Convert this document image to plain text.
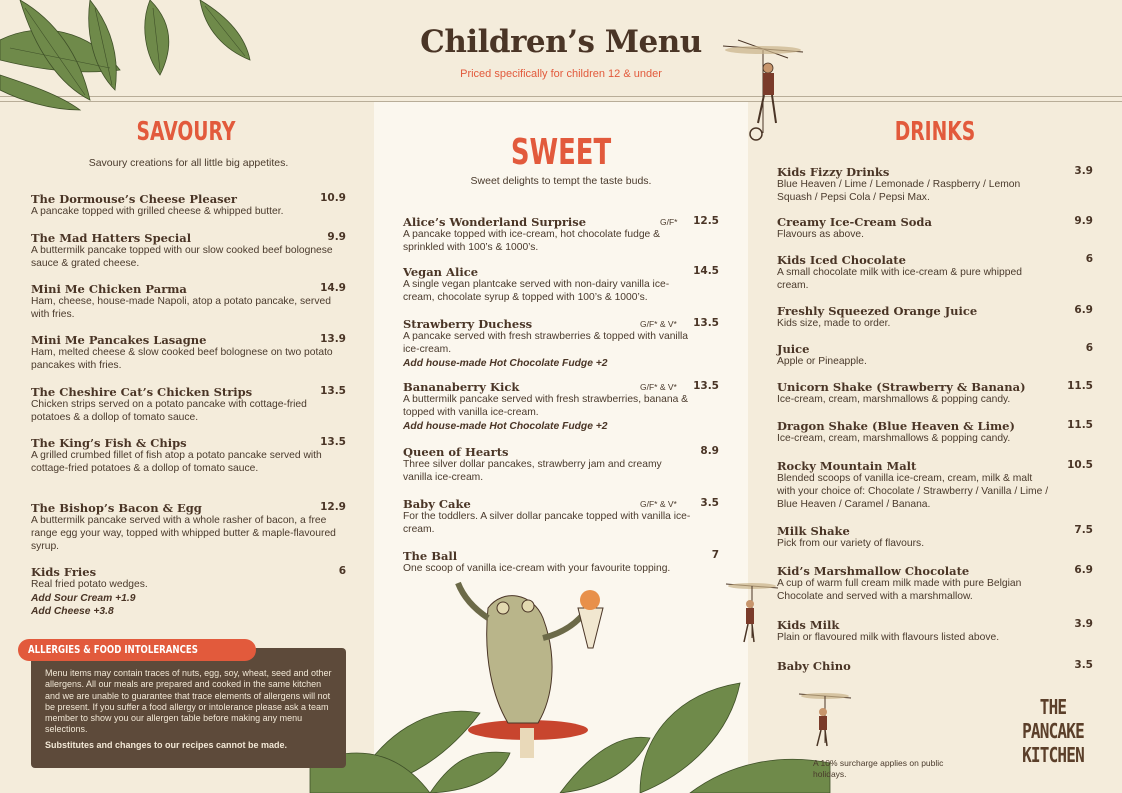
Children’s Menu
Priced specifically for children 12 & under
SAVOURY
Savoury creations for all little big appetites.
The Dormouse’s Cheese Pleaser	10.9
A pancake topped with grilled cheese & whipped butter.
The Mad Hatters Special	9.9
A buttermilk pancake topped with our slow cooked beef bolognese sauce & grated cheese.
Mini Me Chicken Parma	14.9
Ham, cheese, house-made Napoli, atop a potato pancake, served with fries.
Mini Me Pancakes Lasagne	13.9
Ham, melted cheese & slow cooked beef bolognese on two potato pancakes with fries.
The Cheshire Cat’s Chicken Strips	13.5
Chicken strips served on a potato pancake with cottage-fried potatoes & a dollop of tomato sauce.
The King’s Fish & Chips	13.5
A grilled crumbed fillet of fish atop a potato pancake served with cottage-fried potatoes & a dollop of tomato sauce.
The Bishop’s Bacon & Egg	12.9
A buttermilk pancake served with a whole rasher of bacon, a free range egg your way, topped with whipped butter & maple-flavoured syrup.
Kids Fries	6
Real fried potato wedges.
Add Sour Cream +1.9
Add Cheese +3.8
SWEET
Sweet delights to tempt the taste buds.
Alice’s Wonderland Surprise	G/F* 12.5
A pancake topped with ice-cream, hot chocolate fudge & sprinkled with 100’s & 1000’s.
Vegan Alice	14.5
A single vegan plantcake served with non-dairy vanilla ice-cream, chocolate syrup & topped with 100’s & 1000’s.
Strawberry Duchess	G/F* & V* 13.5
A pancake served with fresh strawberries & topped with vanilla ice-cream.
Add house-made Hot Chocolate Fudge +2
Bananaberry Kick	G/F* & V* 13.5
A buttermilk pancake served with fresh strawberries, banana & topped with vanilla ice-cream.
Add house-made Hot Chocolate Fudge +2
Queen of Hearts	8.9
Three silver dollar pancakes, strawberry jam and creamy vanilla ice-cream.
Baby Cake	G/F* & V* 3.5
For the toddlers. A silver dollar pancake topped with vanilla ice-cream.
The Ball	7
One scoop of vanilla ice-cream with your favourite topping.
DRINKS
Kids Fizzy Drinks	3.9
Blue Heaven / Lime / Lemonade / Raspberry / Lemon Squash / Pepsi Cola / Pepsi Max.
Creamy Ice-Cream Soda	9.9
Flavours as above.
Kids Iced Chocolate	6
A small chocolate milk with ice-cream & pure whipped cream.
Freshly Squeezed Orange Juice	6.9
Kids size, made to order.
Juice	6
Apple or Pineapple.
Unicorn Shake (Strawberry & Banana)	11.5
Ice-cream, cream, marshmallows & popping candy.
Dragon Shake (Blue Heaven & Lime)	11.5
Ice-cream, cream, marshmallows & popping candy.
Rocky Mountain Malt	10.5
Blended scoops of vanilla ice-cream, cream, milk & malt with your choice of: Chocolate / Strawberry / Vanilla / Lime / Blue Heaven / Caramel / Banana.
Milk Shake	7.5
Pick from our variety of flavours.
Kid’s Marshmallow Chocolate	6.9
A cup of warm full cream milk made with pure Belgian Chocolate and served with a marshmallow.
Kids Milk	3.9
Plain or flavoured milk with flavours listed above.
Baby Chino	3.5
Menu items may contain traces of nuts, egg, soy, wheat, seed and other allergens. All our meals are prepared and cooked in the same kitchen and we are unable to guarantee that trace elements of allergens will not be present. If you suffer a food allergy or intolerance please ask a team member to show you our allergen table before making any menu selections.
Substitutes and changes to our recipes cannot be made.
ALLERGIES & FOOD INTOLERANCES
A 10% surcharge applies on public holidays.
THE
PANCAKE
KITCHEN
